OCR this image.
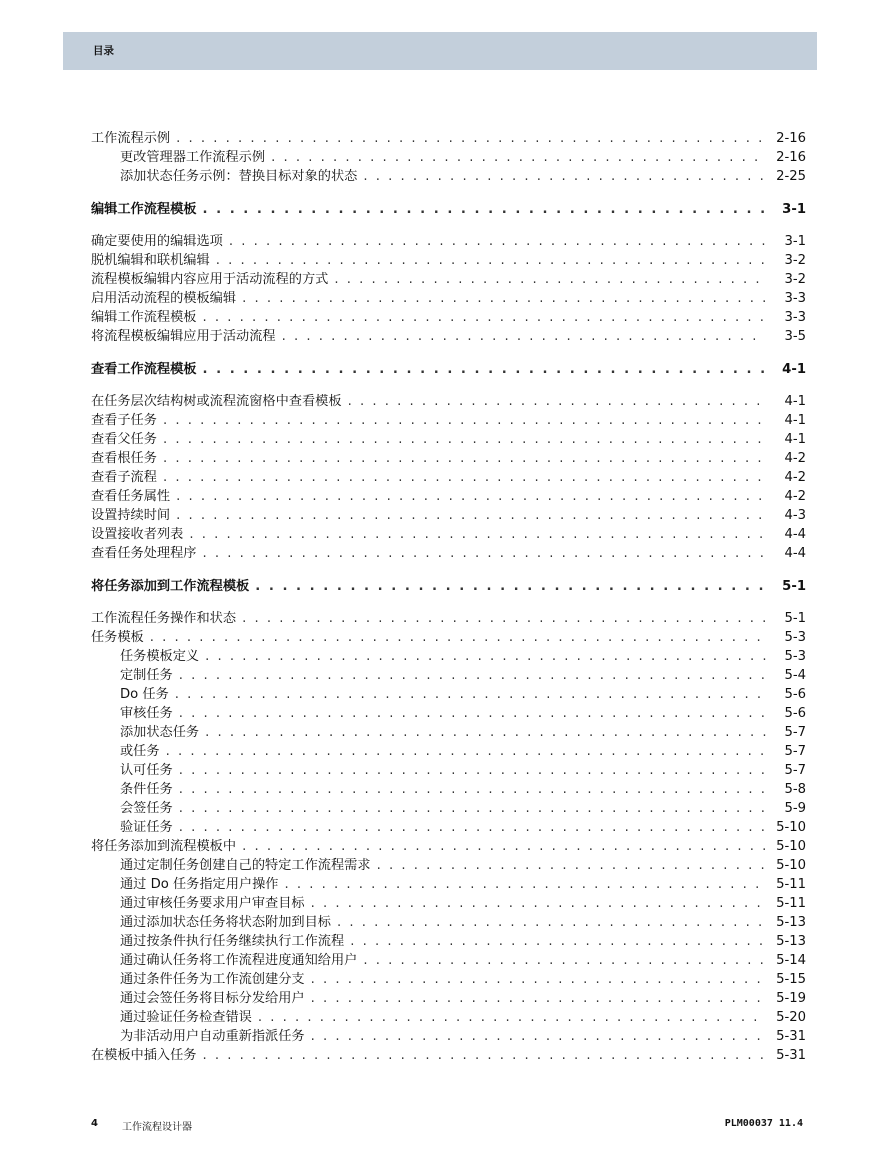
目录
工作流程示例 . . .	2-16
更改管理器工作流程示例 . . .	2-16
添加状态任务示例：替换目标对象的状态 . . .	2-25
编辑工作流程模板 . . .	3-1
确定要使用的编辑选项 . . .	3-1
脱机编辑和联机编辑 . . .	3-2
流程模板编辑内容应用于活动流程的方式 . . .	3-2
启用活动流程的模板编辑 . . .	3-3
编辑工作流程模板 . . .	3-3
将流程模板编辑应用于活动流程 . . .	3-5
查看工作流程模板 . . .	4-1
在任务层次结构树或流程流窗格中查看模板 . . .	4-1
查看子任务 . . .	4-1
查看父任务 . . .	4-1
查看根任务 . . .	4-2
查看子流程 . . .	4-2
查看任务属性 . . .	4-2
设置持续时间 . . .	4-3
设置接收者列表 . . .	4-4
查看任务处理程序 . . .	4-4
将任务添加到工作流程模板 . . .	5-1
工作流程任务操作和状态 . . .	5-1
任务模板 . . .	5-3
任务模板定义 . . .	5-3
定制任务 . . .	5-4
Do 任务 . . .	5-6
审核任务 . . .	5-6
添加状态任务 . . .	5-7
或任务 . . .	5-7
认可任务 . . .	5-7
条件任务 . . .	5-8
会签任务 . . .	5-9
验证任务 . . .	5-10
将任务添加到流程模板中 . . .	5-10
通过定制任务创建自己的特定工作流程需求 . . .	5-10
通过 Do 任务指定用户操作 . . .	5-11
通过审核任务要求用户审查目标 . . .	5-11
通过添加状态任务将状态附加到目标 . . .	5-13
通过按条件执行任务继续执行工作流程 . . .	5-13
通过确认任务将工作流程进度通知给用户 . . .	5-14
通过条件任务为工作流创建分支 . . .	5-15
通过会签任务将目标分发给用户 . . .	5-19
通过验证任务检查错误 . . .	5-20
为非活动用户自动重新指派任务 . . .	5-31
在模板中插入任务 . . .	5-31
4 工作流程设计器	PLM00037 11.4
